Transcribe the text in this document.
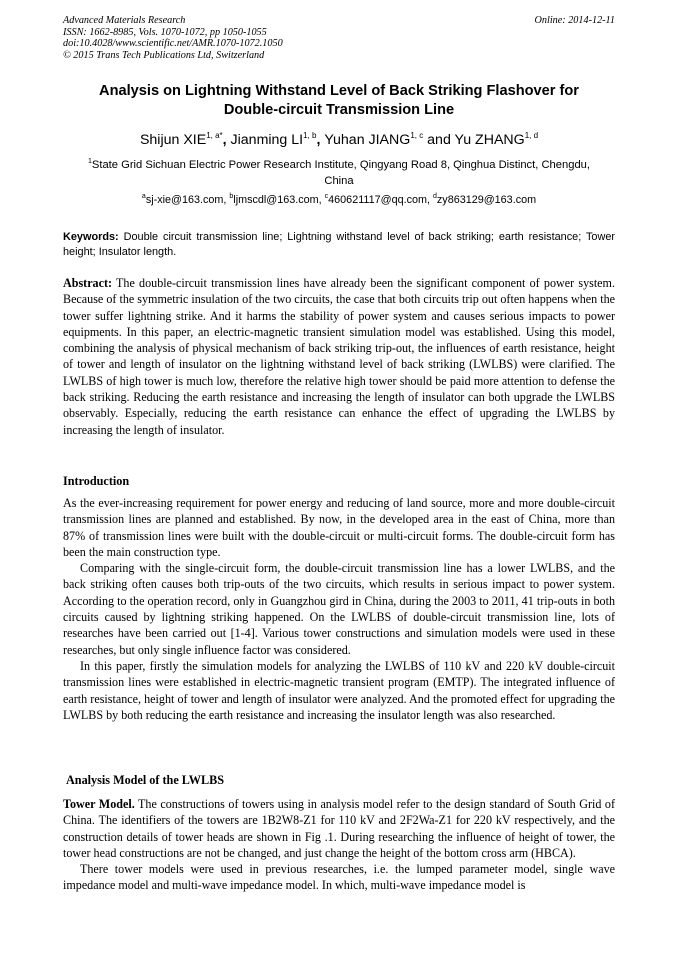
Advanced Materials Research
ISSN: 1662-8985, Vols. 1070-1072, pp 1050-1055
doi:10.4028/www.scientific.net/AMR.1070-1072.1050
© 2015 Trans Tech Publications Ltd, Switzerland
Online: 2014-12-11
Analysis on Lightning Withstand Level of Back Striking Flashover for
Double-circuit Transmission Line
Shijun $XIE^{1, a*}$, Jianming LI$^{1, b}$, Yuhan JIANG$^{1, c}$ and Yu ZHANG$^{1, d}$
$^1$State Grid Sichuan Electric Power Research Institute, Qingyang Road 8, Qinghua Distinct, Chengdu, China
$^a$sj-xie@163.com, $^b$ljmscdl@163.com, $^c$460621117@qq.com, $^d$zy863129@163.com
Keywords: Double circuit transmission line; Lightning withstand level of back striking; earth resistance; Tower height; Insulator length.
Abstract: The double-circuit transmission lines have already been the significant component of power system. Because of the symmetric insulation of the two circuits, the case that both circuits trip out often happens when the tower suffer lightning strike. And it harms the stability of power system and causes serious impacts to power equipments. In this paper, an electric-magnetic transient simulation model was established. Using this model, combining the analysis of physical mechanism of back striking trip-out, the influences of earth resistance, height of tower and length of insulator on the lightning withstand level of back striking (LWLBS) were clarified. The LWLBS of high tower is much low, therefore the relative high tower should be paid more attention to defense the back striking. Reducing the earth resistance and increasing the length of insulator can both upgrade the LWLBS observably. Especially, reducing the earth resistance can enhance the effect of upgrading the LWLBS by increasing the length of insulator.
Introduction

As the ever-increasing requirement for power energy and reducing of land source, more and more double-circuit transmission lines are planned and established. By now, in the developed area in the east of China, more than 87% of transmission lines were built with the double-circuit or multi-circuit forms. The double-circuit form has been the main construction type.

Comparing with the single-circuit form, the double-circuit transmission line has a lower LWLBS, and the back striking often causes both trip-outs of the two circuits, which results in serious impact to power system. According to the operation record, only in Guangzhou gird in China, during the 2003 to 2011, 41 trip-outs in both circuits caused by lightning striking happened. On the LWLBS of double-circuit transmission line, lots of researches have been carried out [1-4]. Various tower constructions and simulation models were used in these researches, but only single influence factor was considered.

In this paper, firstly the simulation models for analyzing the LWLBS of 110 kV and 220 kV double-circuit transmission lines were established in electric-magnetic transient program (EMTP). The integrated influence of earth resistance, height of tower and length of insulator were analyzed. And the promoted effect for upgrading the LWLBS by both reducing the earth resistance and increasing the insulator length was also researched.

Analysis Model of the LWLBS

Tower Model. The constructions of towers using in analysis model refer to the design standard of South Grid of China. The identifiers of the towers are 1B2W8-Z1 for 110 kV and 2F2Wa-Z1 for 220 kV respectively, and the construction details of tower heads are shown in Fig .1. During researching the influence of height of tower, the tower head constructions are not be changed, and just change the height of the bottom cross arm (HBCA).

There tower models were used in previous researches, i.e. the lumped parameter model, single wave impedance model and multi-wave impedance model. In which, multi-wave impedance model is
